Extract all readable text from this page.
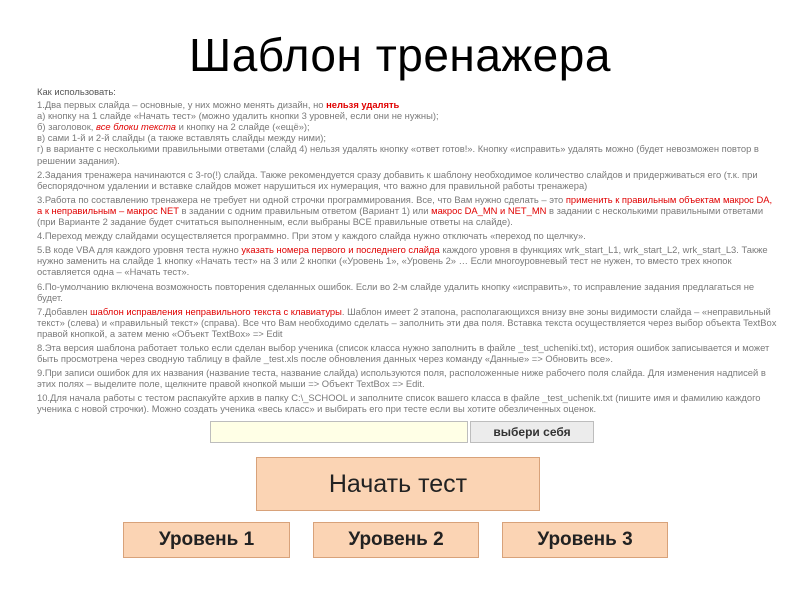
Шаблон тренажера
Как использовать:

1.Два первых слайда – основные, у них можно менять дизайн, но нельзя удалять
а) кнопку на 1 слайде «Начать тест» (можно удалить кнопки 3 уровней, если они не нужны);
б) заголовок, все блоки текста и кнопку на 2 слайде («ещё»);
в) сами 1-й и 2-й слайды (а также вставлять слайды между ними);
г) в варианте с несколькими правильными ответами (слайд 4) нельзя удалять кнопку «ответ готов!». Кнопку «исправить» удалять можно (будет невозможен повтор в решении задания).

2.Задания тренажера начинаются с 3-го(!) слайда. Также рекомендуется сразу добавить к шаблону необходимое количество слайдов и придерживаться его (т.к. при беспорядочном удалении и вставке слайдов может нарушиться их нумерация, что важно для правильной работы тренажера)

3.Работа по составлению тренажера не требует ни одной строчки программирования. Все, что Вам нужно сделать – это применить к правильным объектам макрос DA, а к неправильным – макрос NET в задании с одним правильным ответом (Вариант 1) или макрос DA_MN и NET_MN в задании с несколькими правильными ответами (при Варианте 2 задание будет считаться выполненным, если выбраны ВСЕ правильные ответы на слайде).

4.Переход между слайдами осуществляется программно. При этом у каждого слайда нужно отключать «переход по щелчку».

5.В коде VBA для каждого уровня теста нужно указать номера первого и последнего слайда каждого уровня в функциях wrk_start_L1, wrk_start_L2, wrk_start_L3. Также нужно заменить на слайде 1 кнопку «Начать тест» на 3 или 2 кнопки («Уровень 1», «Уровень 2» … Если многоуровневый тест не нужен, то вместо трех кнопок оставляется одна – «Начать тест».

6.По-умолчанию включена возможность повторения сделанных ошибок. Если во 2-м слайде удалить кнопку «исправить», то исправление задания предлагаться не будет.

7.Добавлен шаблон исправления неправильного текста с клавиатуры. Шаблон имеет 2 этапона, располагающихся внизу вне зоны видимости слайда – «неправильный текст» (слева) и «правильный текст» (справа). Все что Вам необходимо сделать – заполнить эти два поля. Вставка текста осуществляется через выбор объекта TextBox правой кнопкой, а затем меню «Объект TextBox» => Edit

8.Эта версия шаблона работает только если сделан выбор ученика (список класса нужно заполнить в файле _test_uchenikі.txt), история ошибок записывается и может быть просмотрена через сводную таблицу в файле _test.xls после обновления данных через команду «Данные» => Обновить все».

9.При записи ошибок для их названия (название теста, название слайда) используются поля, расположенные ниже рабочего поля слайда. Для изменения надписей в этих полях – выделите поле, щелкните правой кнопкой мыши => Объект TextBox => Edit.

10.Для начала работы с тестом распакуйте архив в папку C:\_SCHOOL и заполните список вашего класса в файле _test_uchenik.txt (пишите имя и фамилию каждого ученика с новой строчки). Можно создать ученика «весь класс» и выбирать его при тесте если вы хотите обезличенных оценок.

выбери себя
Начать тест
Уровень 1	Уровень 2	Уровень 3
